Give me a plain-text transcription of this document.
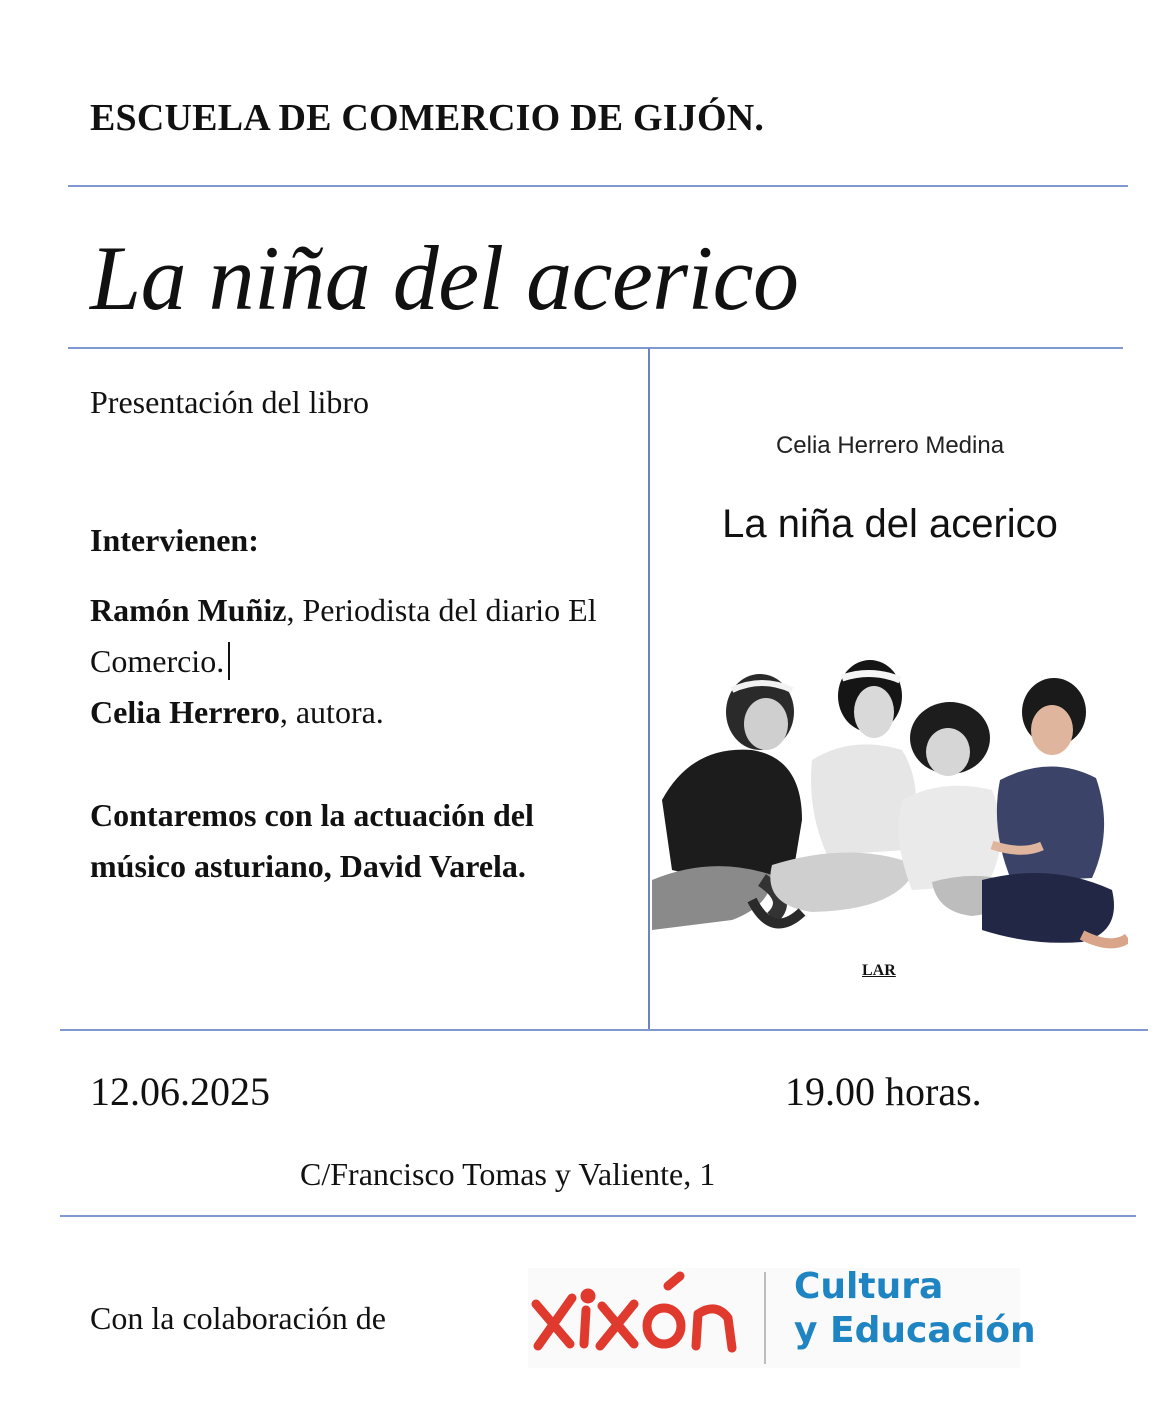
ESCUELA DE COMERCIO DE GIJÓN.
La niña del acerico
Presentación del libro
Intervienen:
Ramón Muñiz, Periodista del diario El Comercio.
Celia Herrero, autora.
Contaremos con la actuación del músico asturiano, David Varela.
Celia Herrero Medina
La niña del acerico
LAR
12.06.2025	19.00 horas.
C/Francisco Tomas y Valiente, 1
Con la colaboración de
Cultura
y Educación
